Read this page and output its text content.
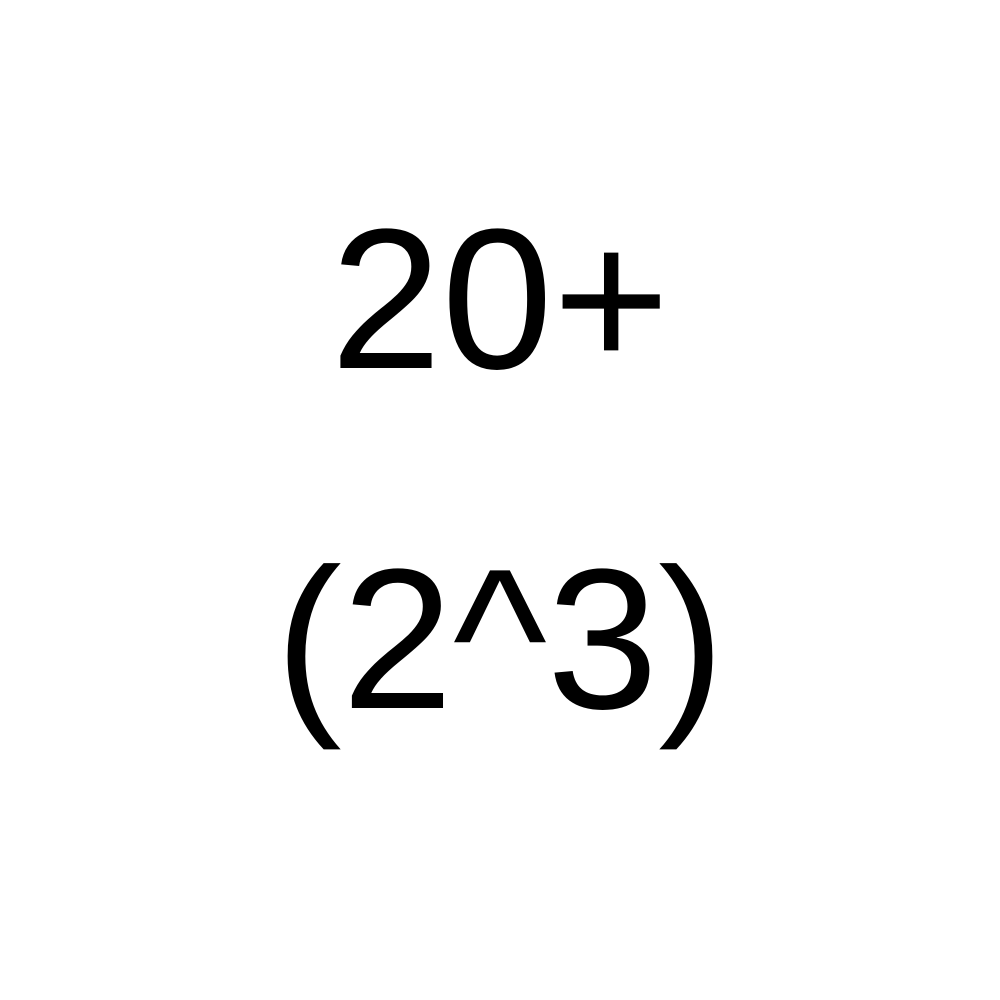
20+
(2^3)
